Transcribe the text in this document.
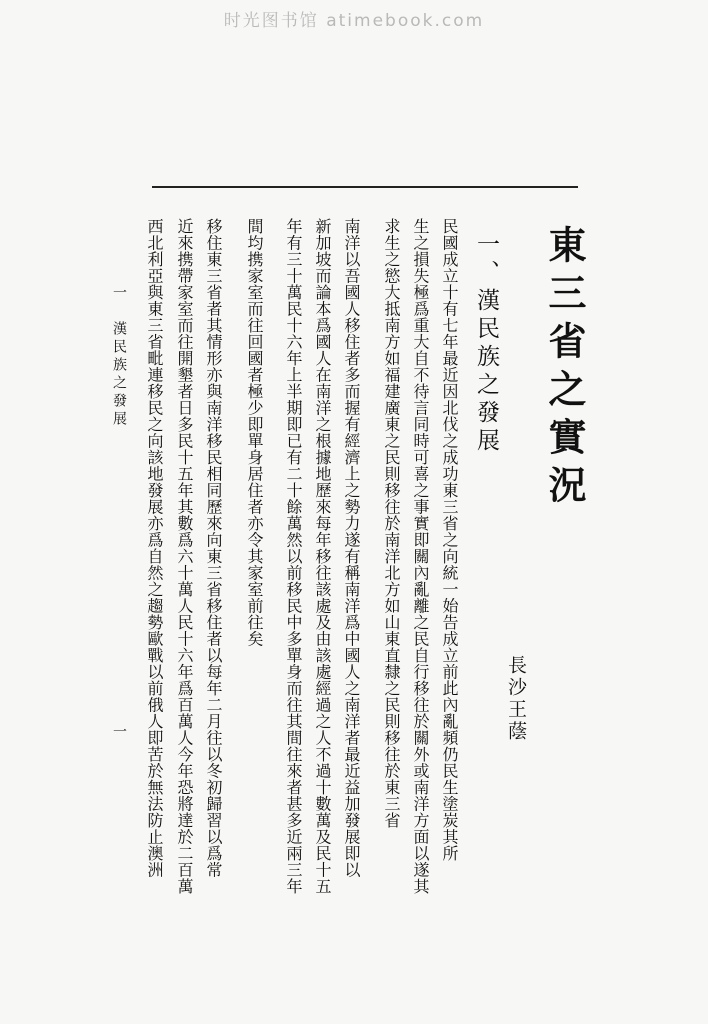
时光图书馆 atimebook.com
東三省之實況
長沙王蔭
一、漢民族之發展
民國成立十有七年最近因北伐之成功東三省之向統一始告成立前此內亂頻仍民生塗炭其所
生之損失極爲重大自不待言同時可喜之事實即關內亂離之民自行移往於關外或南洋方面以遂其
求生之慾大抵南方如福建廣東之民則移往於南洋北方如山東直隸之民則移往於東三省
南洋以吾國人移住者多而握有經濟上之勢力遂有稱南洋爲中國人之南洋者最近益加發展即以
新加坡而論本爲國人在南洋之根據地歷來每年移往該處及由該處經過之人不過十數萬及民十五
年有三十萬民十六年上半期即已有二十餘萬然以前移民中多單身而往其間往來者甚多近兩三年
間均携家室而往回國者極少即單身居住者亦令其家室前往矣
移住東三省者其情形亦與南洋移民相同歷來向東三省移住者以每年二月往以冬初歸習以爲常
近來携帶家室而往開墾者日多民十五年其數爲六十萬人民十六年爲百萬人今年恐將達於二百萬
西北利亞與東三省毗連移民之向該地發展亦爲自然之趨勢歐戰以前俄人即苦於無法防止澳洲
一　漢民族之發展
一
